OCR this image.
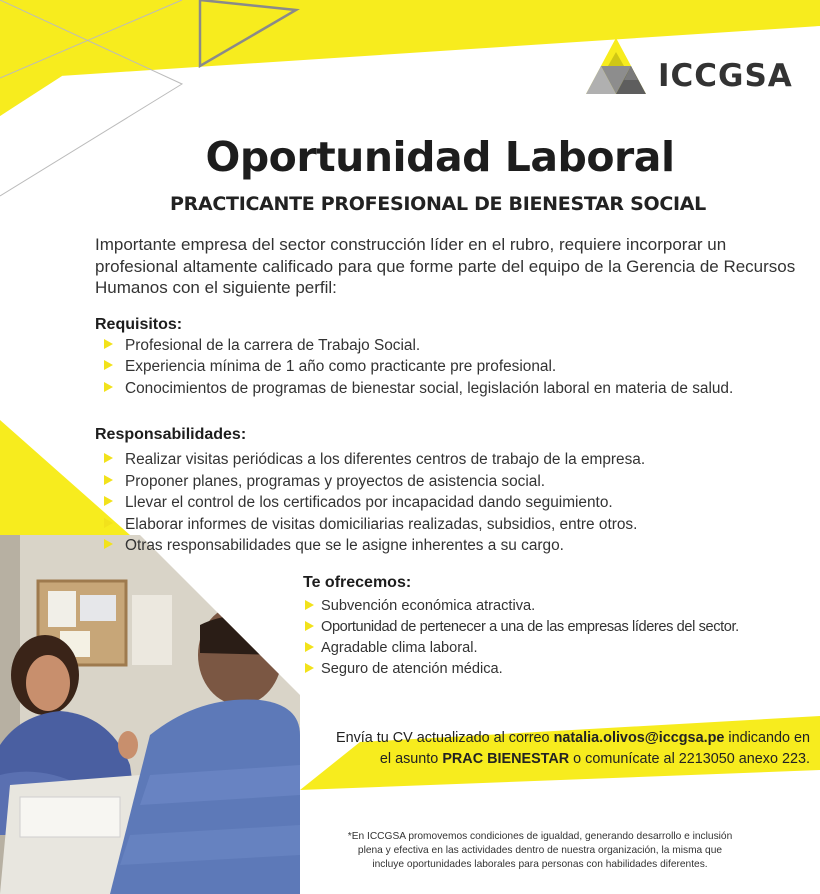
ICCGSA
Oportunidad Laboral
PRACTICANTE PROFESIONAL DE BIENESTAR SOCIAL

Importante empresa del sector construcción líder en el rubro, requiere incorporar un profesional altamente calificado para que forme parte del equipo de la Gerencia de Recursos Humanos con el siguiente perfil:

Requisitos:
Profesional de la carrera de Trabajo Social.
Experiencia mínima de 1 año como practicante pre profesional.
Conocimientos de programas de bienestar social, legislación laboral en materia de salud.
Responsabilidades:
Realizar visitas periódicas a los diferentes centros de trabajo de la empresa.
Proponer planes, programas y proyectos de asistencia social.
Llevar el control de los certificados por incapacidad dando seguimiento.
Elaborar informes de visitas domiciliarias realizadas, subsidios, entre otros.
Otras responsabilidades que se le asigne inherentes a su cargo.
Te ofrecemos:
Subvención económica atractiva.
Oportunidad de pertenecer a una de las empresas líderes del sector.
Agradable clima laboral.
Seguro de atención médica.
Envía tu CV actualizado al correo natalia.olivos@iccgsa.pe indicando en
el asunto PRAC BIENESTAR o comunícate al 2213050 anexo 223.
*En ICCGSA promovemos condiciones de igualdad, generando desarrollo e inclusión
plena y efectiva en las actividades dentro de nuestra organización, la misma que
incluye oportunidades laborales para personas con habilidades diferentes.
